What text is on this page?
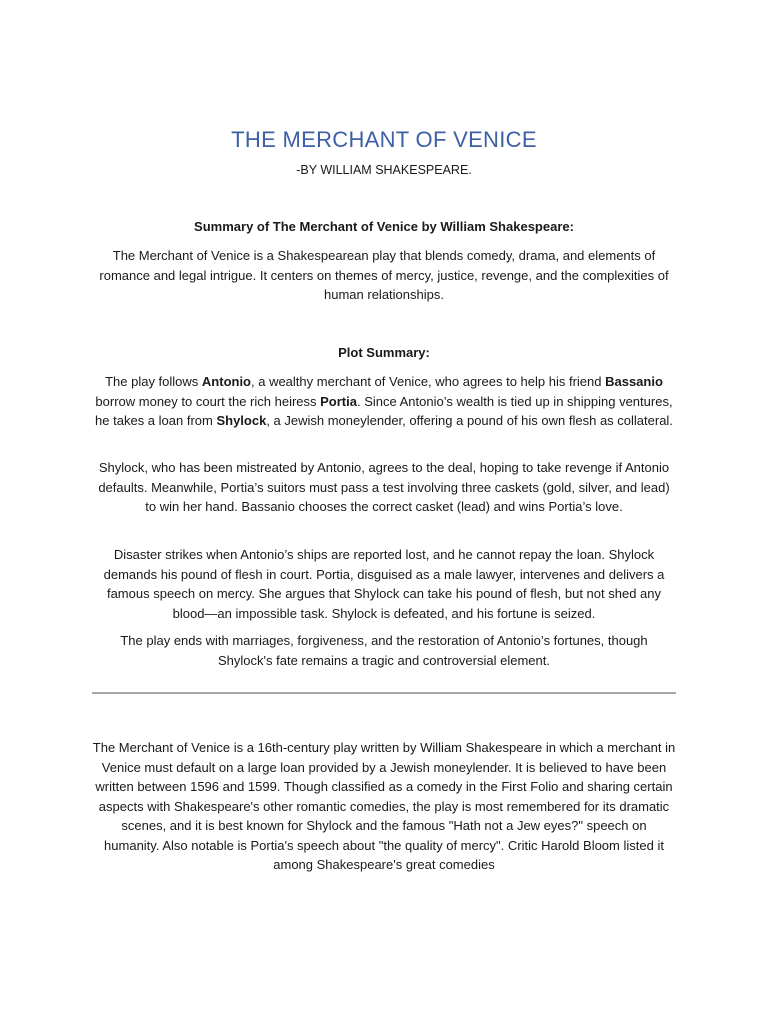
THE MERCHANT OF VENICE

-BY WILLIAM SHAKESPEARE.

Summary of The Merchant of Venice by William Shakespeare:

The Merchant of Venice is a Shakespearean play that blends comedy, drama, and elements of romance and legal intrigue. It centers on themes of mercy, justice, revenge, and the complexities of human relationships.

Plot Summary:

The play follows Antonio, a wealthy merchant of Venice, who agrees to help his friend Bassanio borrow money to court the rich heiress Portia. Since Antonio’s wealth is tied up in shipping ventures, he takes a loan from Shylock, a Jewish moneylender, offering a pound of his own flesh as collateral.

Shylock, who has been mistreated by Antonio, agrees to the deal, hoping to take revenge if Antonio defaults. Meanwhile, Portia’s suitors must pass a test involving three caskets (gold, silver, and lead) to win her hand. Bassanio chooses the correct casket (lead) and wins Portia’s love.

Disaster strikes when Antonio’s ships are reported lost, and he cannot repay the loan. Shylock demands his pound of flesh in court. Portia, disguised as a male lawyer, intervenes and delivers a famous speech on mercy. She argues that Shylock can take his pound of flesh, but not shed any blood—an impossible task. Shylock is defeated, and his fortune is seized.

The play ends with marriages, forgiveness, and the restoration of Antonio’s fortunes, though Shylock's fate remains a tragic and controversial element.

The Merchant of Venice is a 16th-century play written by William Shakespeare in which a merchant in Venice must default on a large loan provided by a Jewish moneylender. It is believed to have been written between 1596 and 1599. Though classified as a comedy in the First Folio and sharing certain aspects with Shakespeare's other romantic comedies, the play is most remembered for its dramatic scenes, and it is best known for Shylock and the famous "Hath not a Jew eyes?" speech on humanity. Also notable is Portia's speech about "the quality of mercy". Critic Harold Bloom listed it among Shakespeare's great comedies
